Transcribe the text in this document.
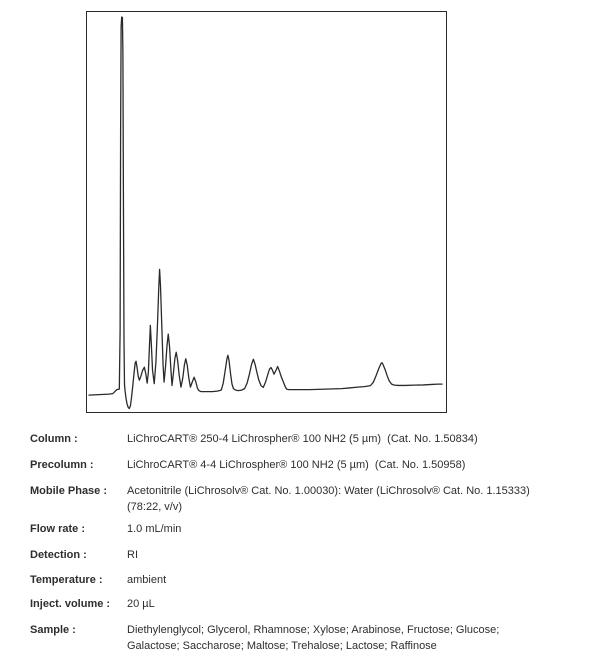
Column :	LiChroCART® 250-4 LiChrospher® 100 NH2 (5 µm)  (Cat. No. 1.50834)
Precolumn :	LiChroCART® 4-4 LiChrospher® 100 NH2 (5 µm)  (Cat. No. 1.50958)
Mobile Phase :	Acetonitrile (LiChrosolv® Cat. No. 1.00030): Water (LiChrosolv® Cat. No. 1.15333)
(78:22, v/v)
Flow rate :	1.0 mL/min
Detection :	RI
Temperature :	ambient
Inject. volume :	20 µL
Sample :	Diethylenglycol; Glycerol, Rhamnose; Xylose; Arabinose, Fructose; Glucose;
Galactose; Saccharose; Maltose; Trehalose; Lactose; Raffinose
